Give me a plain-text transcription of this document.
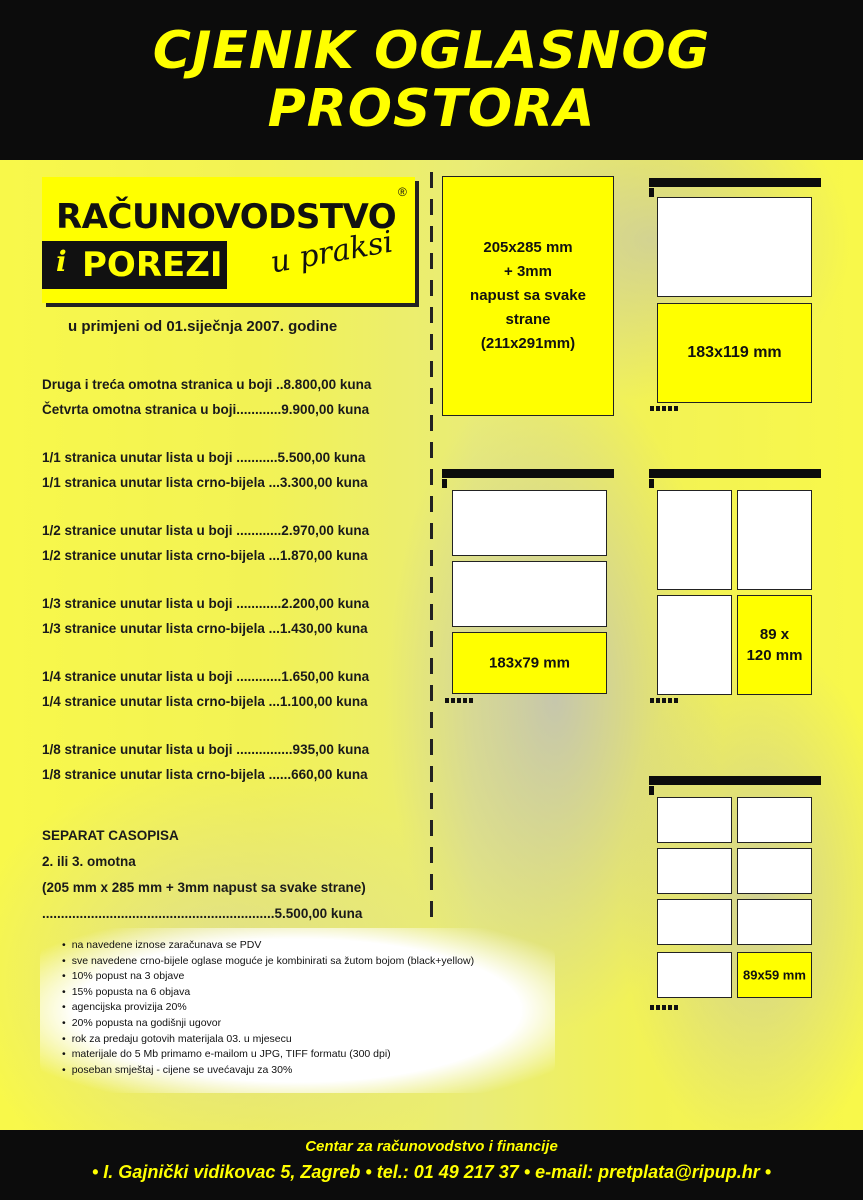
CJENIK OGLASNOG
PROSTORA
RAČUNOVODSTVO
i POREZI u praksi
®
u primjeni od 01.siječnja 2007. godine
Druga i treća omotna stranica u boji ..8.800,00 kuna
Četvrta omotna stranica u boji............9.900,00 kuna
1/1 stranica unutar lista u boji ...........5.500,00 kuna
1/1 stranica unutar lista crno-bijela ...3.300,00 kuna
1/2 stranice unutar lista u boji ............2.970,00 kuna
1/2 stranice unutar lista crno-bijela ...1.870,00 kuna
1/3 stranice unutar lista u boji ............2.200,00 kuna
1/3 stranice unutar lista crno-bijela ...1.430,00 kuna
1/4 stranice unutar lista u boji ............1.650,00 kuna
1/4 stranice unutar lista crno-bijela ...1.100,00 kuna
1/8 stranice unutar lista u boji ...............935,00 kuna
1/8 stranice unutar lista crno-bijela ......660,00 kuna
SEPARAT CASOPISA
2. ili 3. omotna
(205 mm x 285 mm + 3mm napust sa svake strane)
..............................................................5.500,00 kuna
205x285 mm
+ 3mm
napust sa svake
strane
(211x291mm)
183x119 mm
183x79 mm
89 x
120 mm
89x59 mm
• na navedene iznose zaračunava se PDV
• sve navedene crno-bijele oglase moguće je kombinirati sa žutom bojom (black+yellow)
• 10% popust na 3 objave
• 15% popusta na 6 objava
• agencijska provizija 20%
• 20% popusta na godišnji ugovor
• rok za predaju gotovih materijala 03. u mjesecu
• materijale do 5 Mb primamo e-mailom u JPG, TIFF formatu (300 dpi)
• poseban smještaj - cijene se uvećavaju za 30%
Centar za računovodstvo i financije
• I. Gajnički vidikovac 5, Zagreb • tel.: 01 49 217 37 • e-mail: pretplata@ripup.hr •
